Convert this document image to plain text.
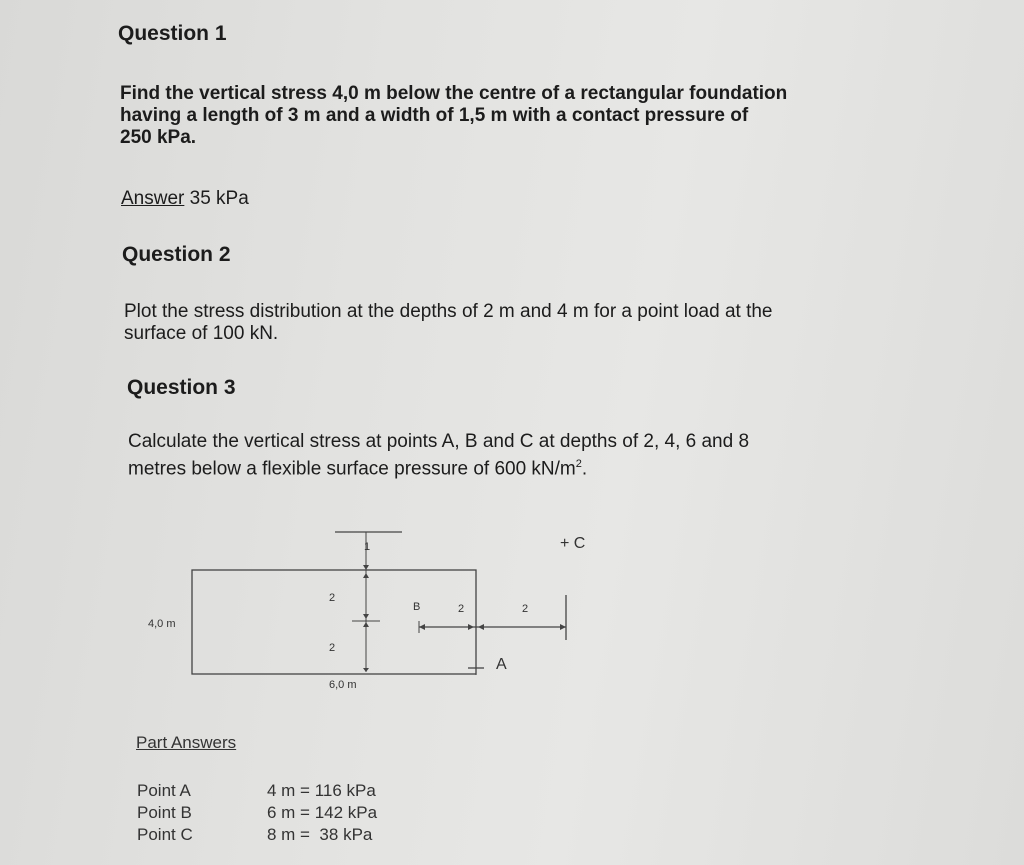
Question 1
Find the vertical stress 4,0 m below the centre of a rectangular foundation
having a length of 3 m and a width of 1,5 m with a contact pressure of
250 kPa.
Answer 35 kPa
Question 2
Plot the stress distribution at the depths of 2 m and 4 m for a point load at the
surface of 100 kN.
Question 3
Calculate the vertical stress at points A, B and C at depths of 2, 4, 6 and 8
metres below a flexible surface pressure of 600 $kN/m^2$.
1
2
2
4,0 m
6,0 m
B	2	2
A
+ C
Part Answers
Point A	4 m = 116 kPa
Point B	6 m = 142 kPa
Point C	8 m =  38 kPa
